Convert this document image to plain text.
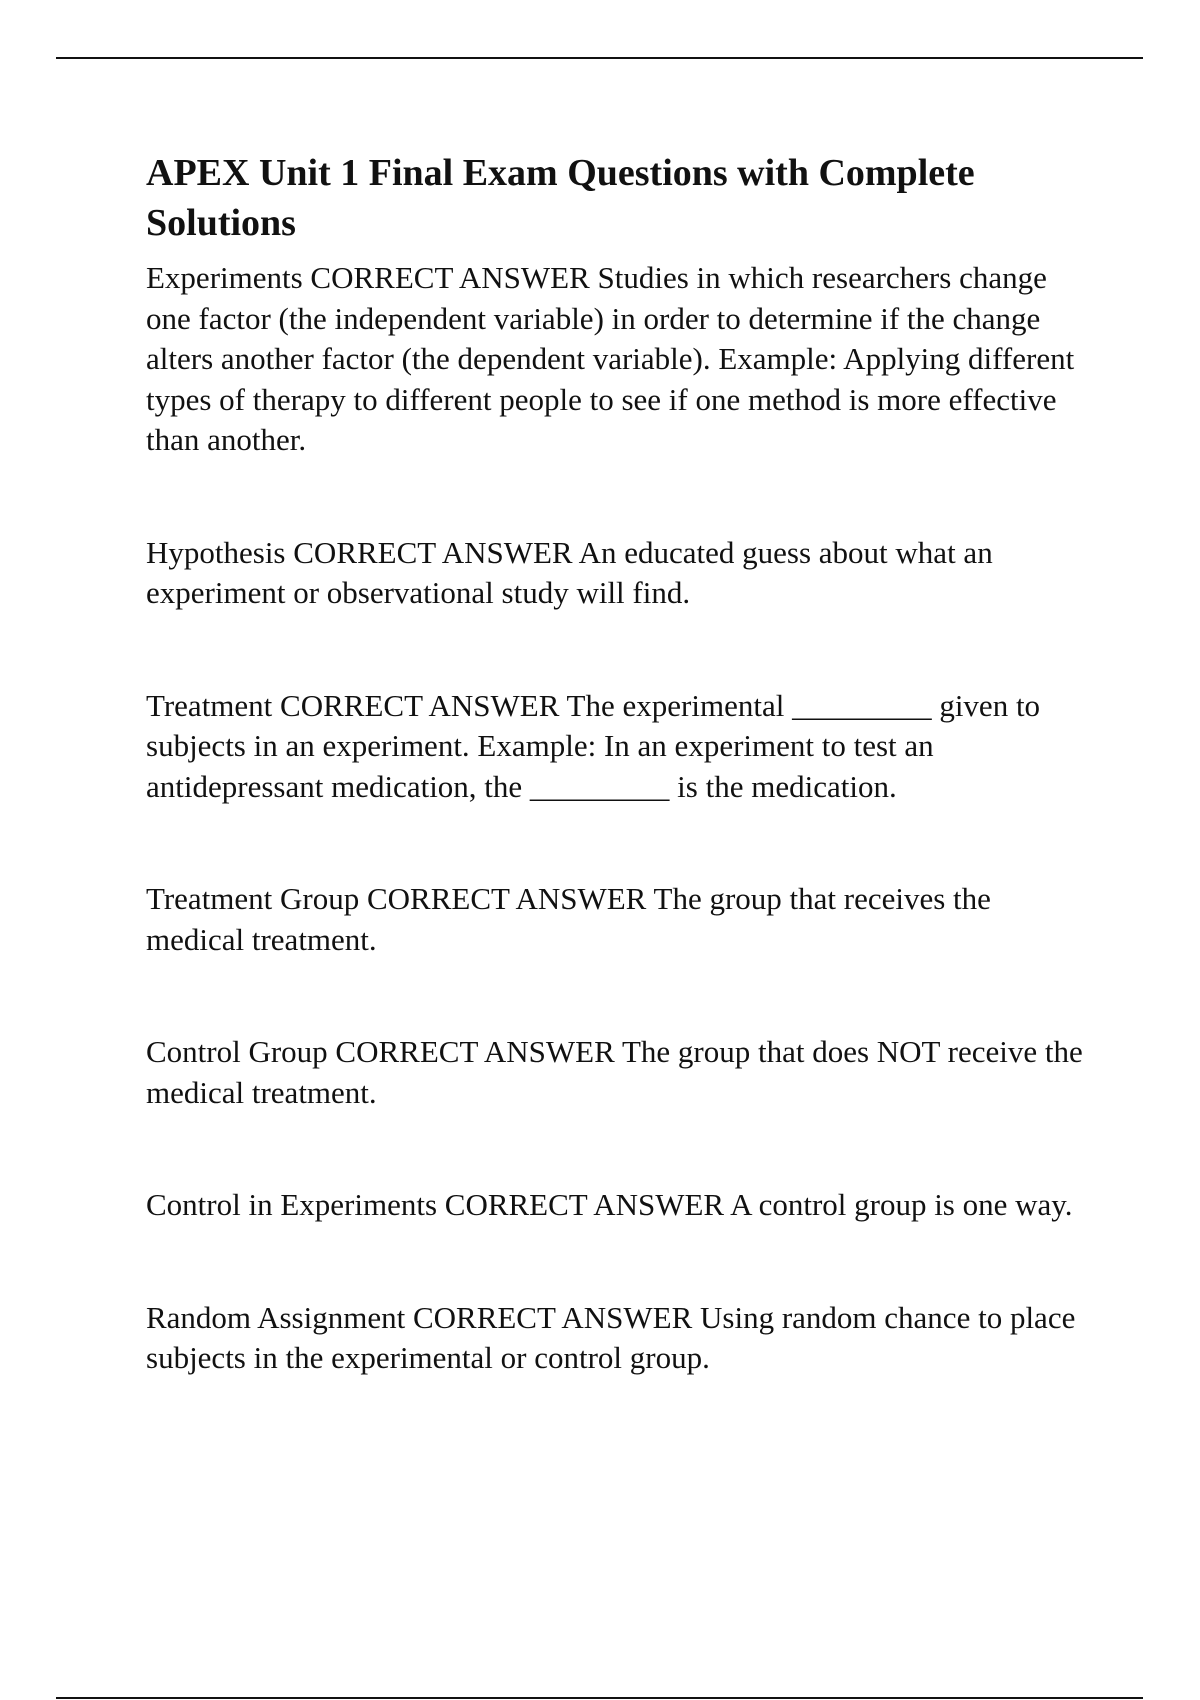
APEX Unit 1 Final Exam Questions with Complete Solutions

Experiments CORRECT ANSWER Studies in which researchers change one factor (the independent variable) in order to determine if the change alters another factor (the dependent variable). Example: Applying different types of therapy to different people to see if one method is more effective than another.

Hypothesis CORRECT ANSWER An educated guess about what an experiment or observational study will find.

Treatment CORRECT ANSWER The experimental _________ given to subjects in an experiment. Example: In an experiment to test an antidepressant medication, the _________ is the medication.

Treatment Group CORRECT ANSWER The group that receives the medical treatment.

Control Group CORRECT ANSWER The group that does NOT receive the medical treatment.

Control in Experiments CORRECT ANSWER A control group is one way.

Random Assignment CORRECT ANSWER Using random chance to place subjects in the experimental or control group.
